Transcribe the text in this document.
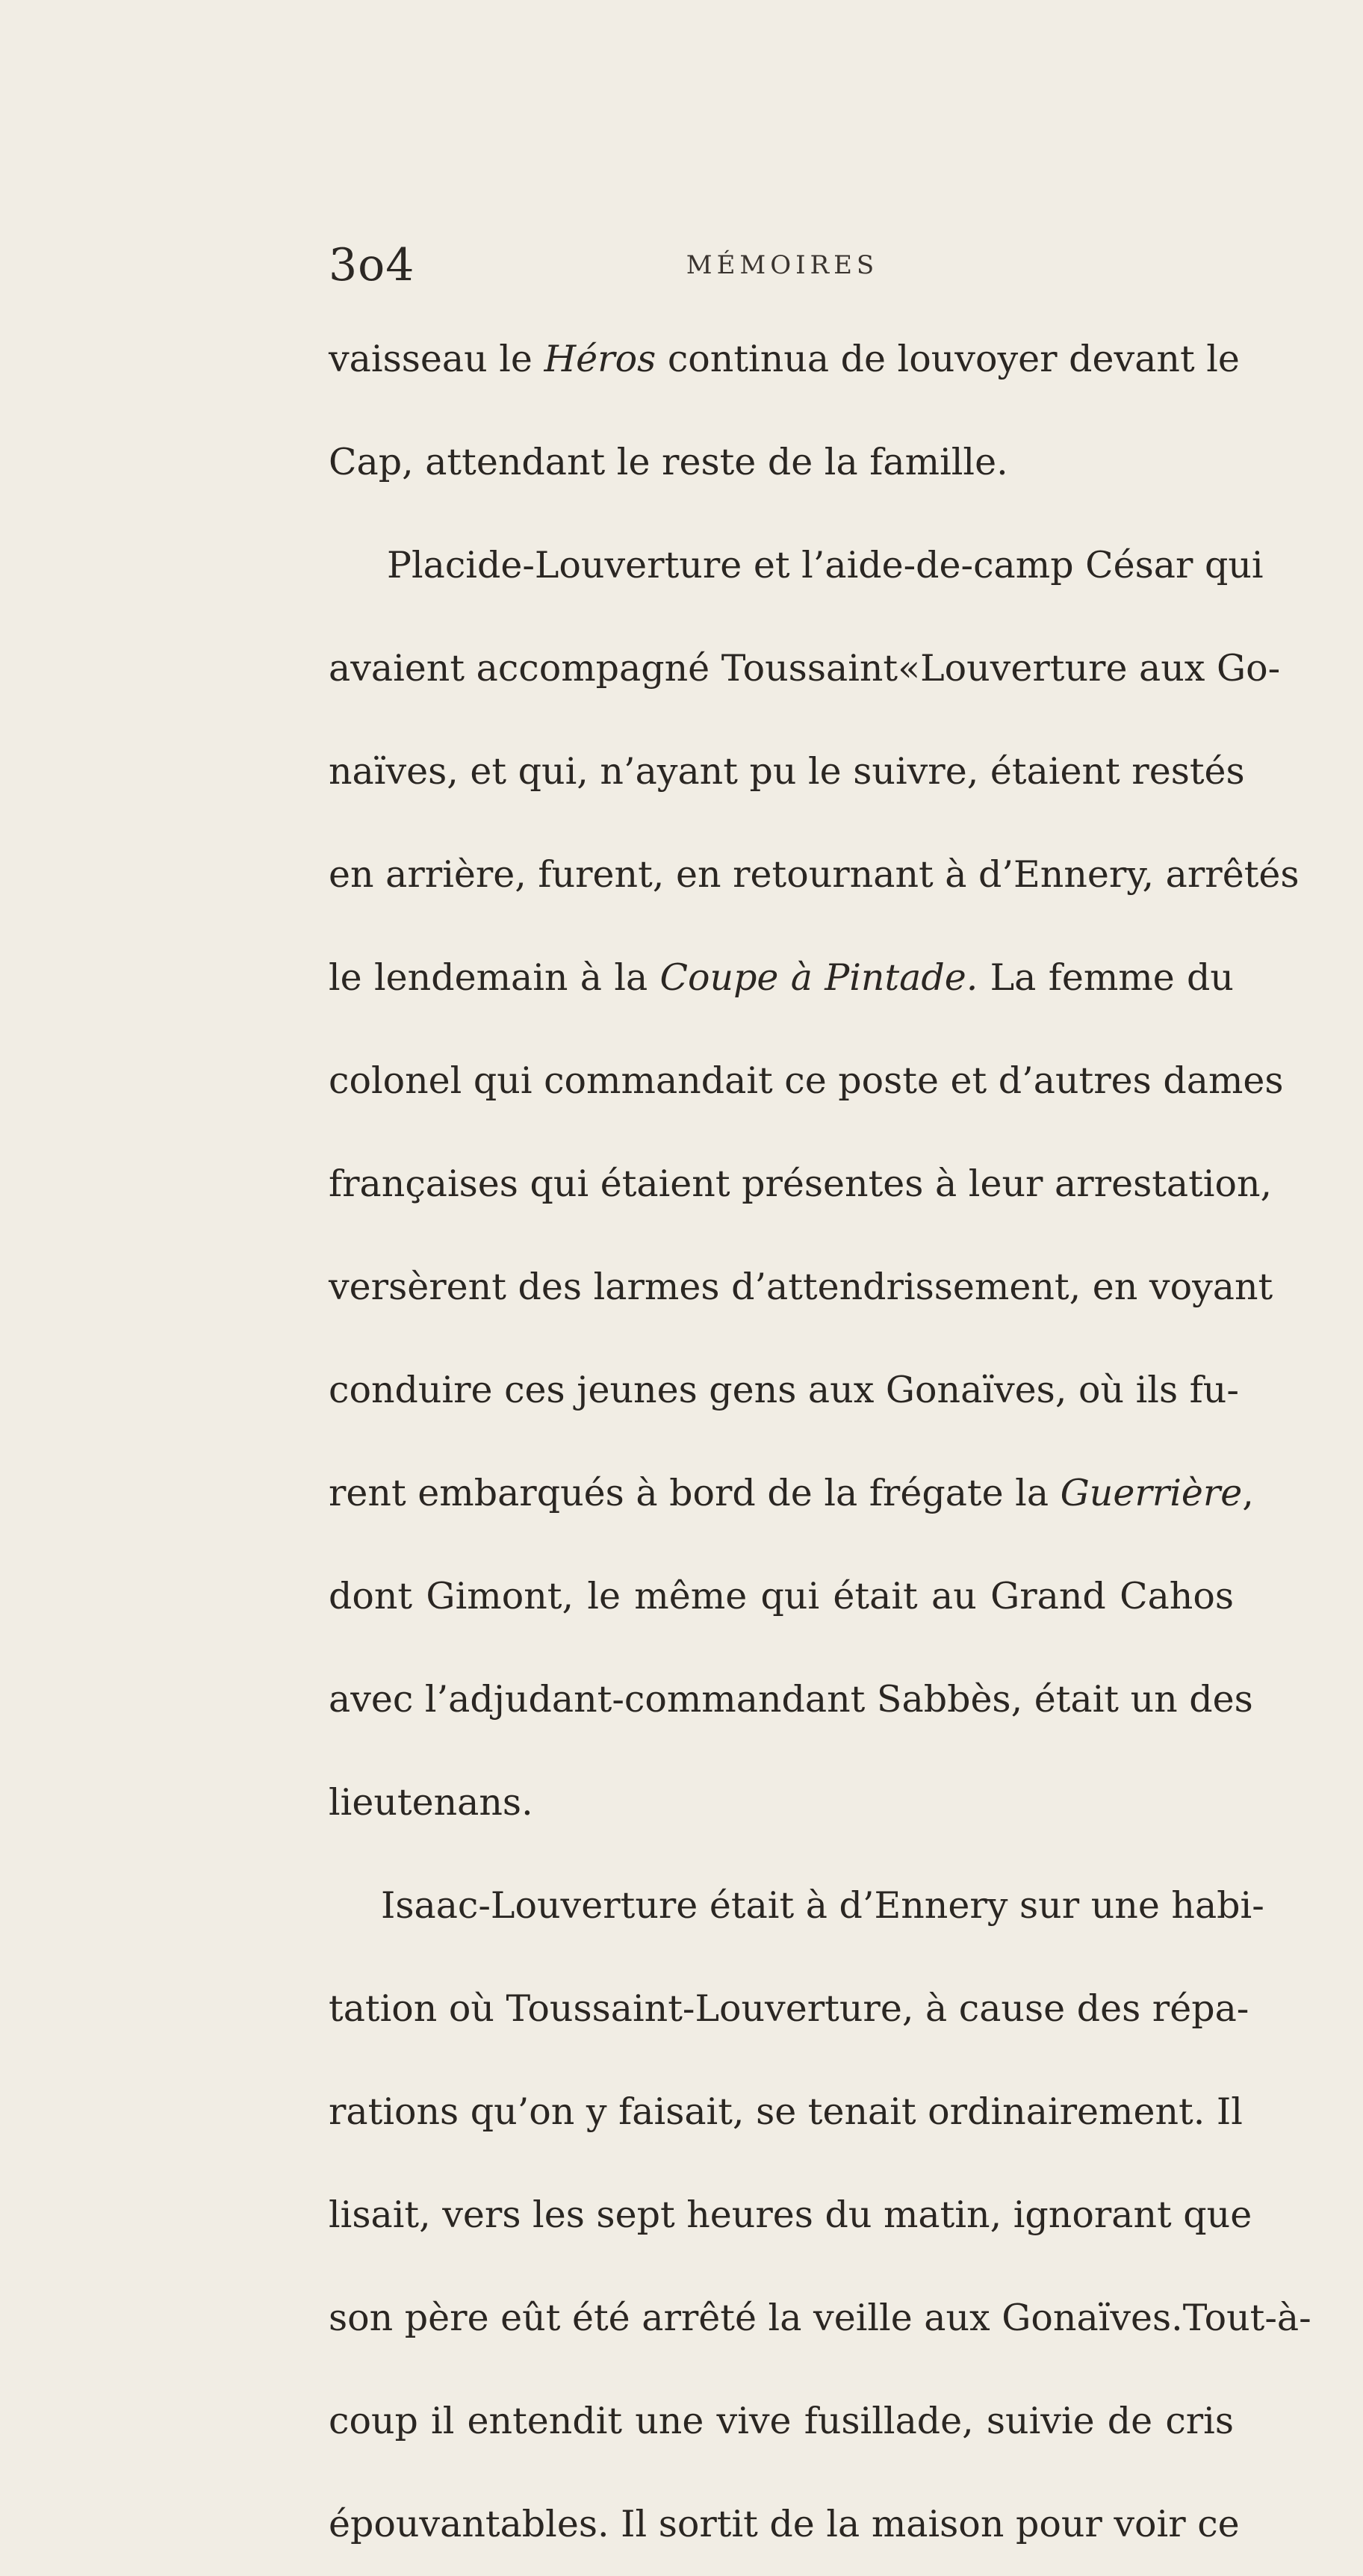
3o4	MÉMOIRES
vaisseau le Héros continua de louvoyer devant le
Cap, attendant le reste de la famille.
Placide-Louverture et l’aide-de-camp César qui
avaient accompagné Toussaint«Louverture aux Go-
naïves, et qui, n’ayant pu le suivre, étaient restés
en arrière, furent, en retournant à d’Ennery, arrêtés
le lendemain à la Coupe à Pintade. La femme du
colonel qui commandait ce poste et d’autres dames
françaises qui étaient présentes à leur arrestation,
versèrent des larmes d’attendrissement, en voyant
conduire ces jeunes gens aux Gonaïves, où ils fu-
rent embarqués à bord de la frégate la Guerrière,
dont Gimont, le même qui était au Grand Cahos
avec l’adjudant-commandant Sabbès, était un des
lieutenans.
Isaac-Louverture était à d’Ennery sur une habi-
tation où Toussaint-Louverture, à cause des répa-
rations qu’on y faisait, se tenait ordinairement. Il
lisait, vers les sept heures du matin, ignorant que
son père eût été arrêté la veille aux Gonaïves.Tout-à-
coup il entendit une vive fusillade, suivie de cris
épouvantables. Il sortit de la maison pour voir ce
